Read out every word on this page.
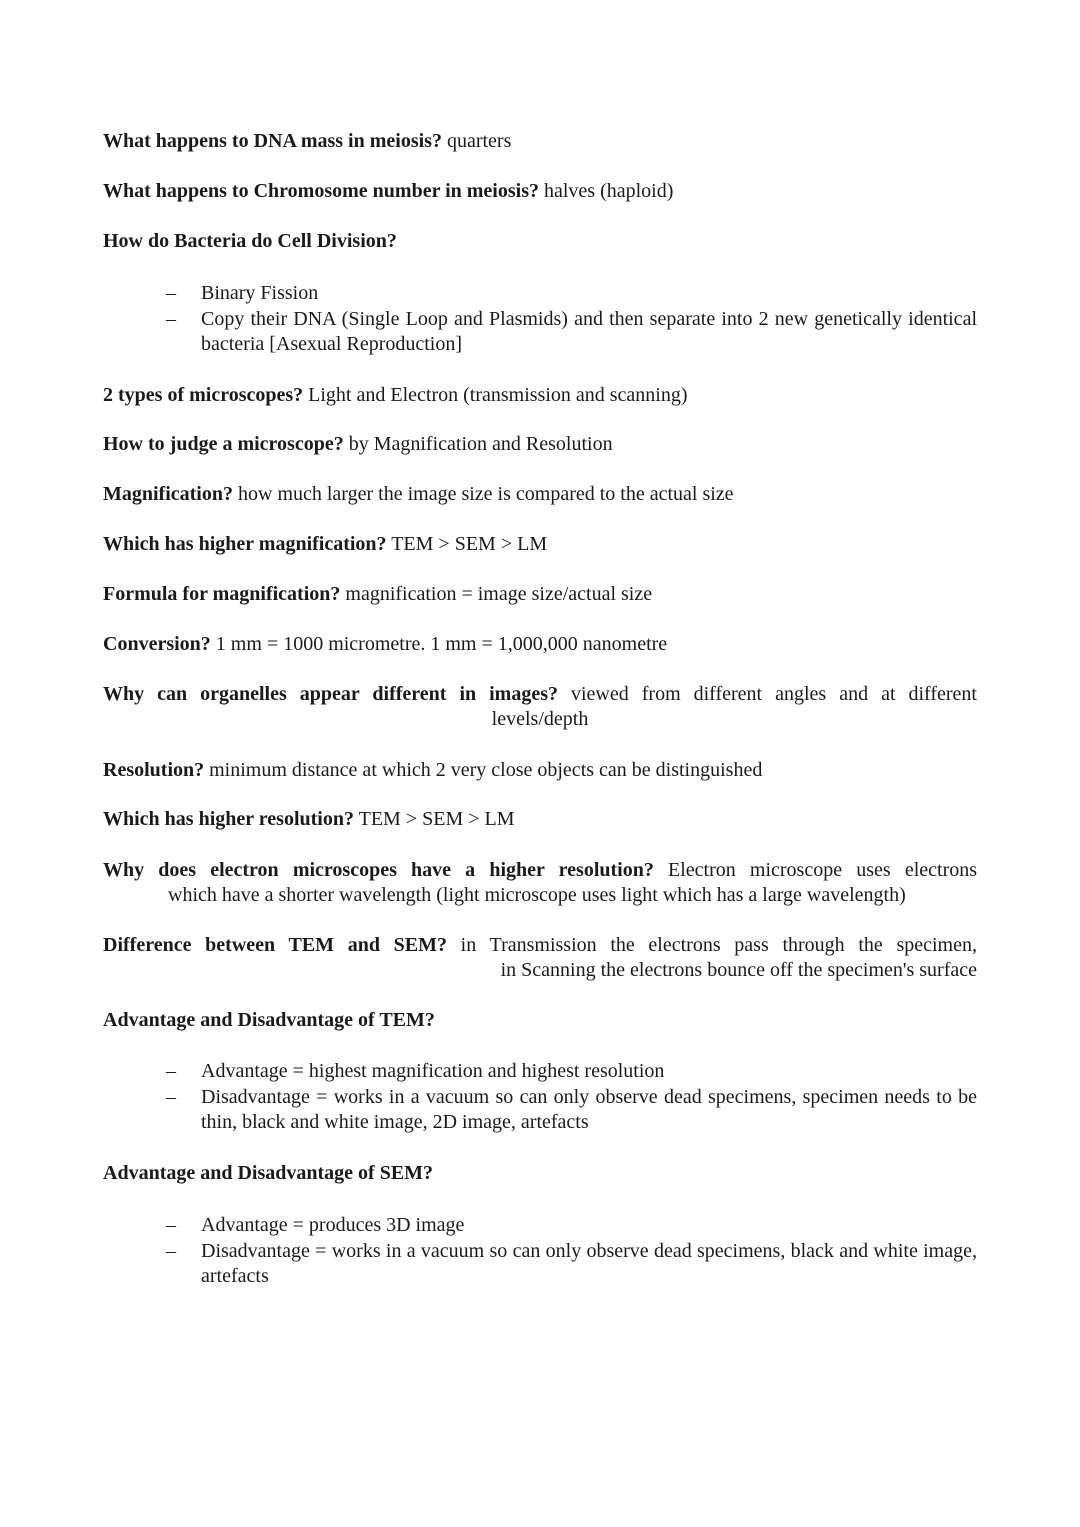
What happens to DNA mass in meiosis? quarters
What happens to Chromosome number in meiosis? halves (haploid)
How do Bacteria do Cell Division?
– Binary Fission
– Copy their DNA (Single Loop and Plasmids) and then separate into 2 new genetically identical bacteria [Asexual Reproduction]
2 types of microscopes? Light and Electron (transmission and scanning)
How to judge a microscope? by Magnification and Resolution
Magnification? how much larger the image size is compared to the actual size
Which has higher magnification? TEM > SEM > LM
Formula for magnification? magnification = image size/actual size
Conversion? 1 mm = 1000 micrometre. 1 mm = 1,000,000 nanometre
Why can organelles appear different in images? viewed from different angles and at different
levels/depth
Resolution? minimum distance at which 2 very close objects can be distinguished
Which has higher resolution? TEM > SEM > LM
Why does electron microscopes have a higher resolution? Electron microscope uses electrons
which have a shorter wavelength (light microscope uses light which has a large wavelength)
Difference between TEM and SEM? in Transmission the electrons pass through the specimen,
in Scanning the electrons bounce off the specimen's surface
Advantage and Disadvantage of TEM?
– Advantage = highest magnification and highest resolution
– Disadvantage = works in a vacuum so can only observe dead specimens, specimen needs to be thin, black and white image, 2D image, artefacts
Advantage and Disadvantage of SEM?
– Advantage = produces 3D image
– Disadvantage = works in a vacuum so can only observe dead specimens, black and white image, artefacts
